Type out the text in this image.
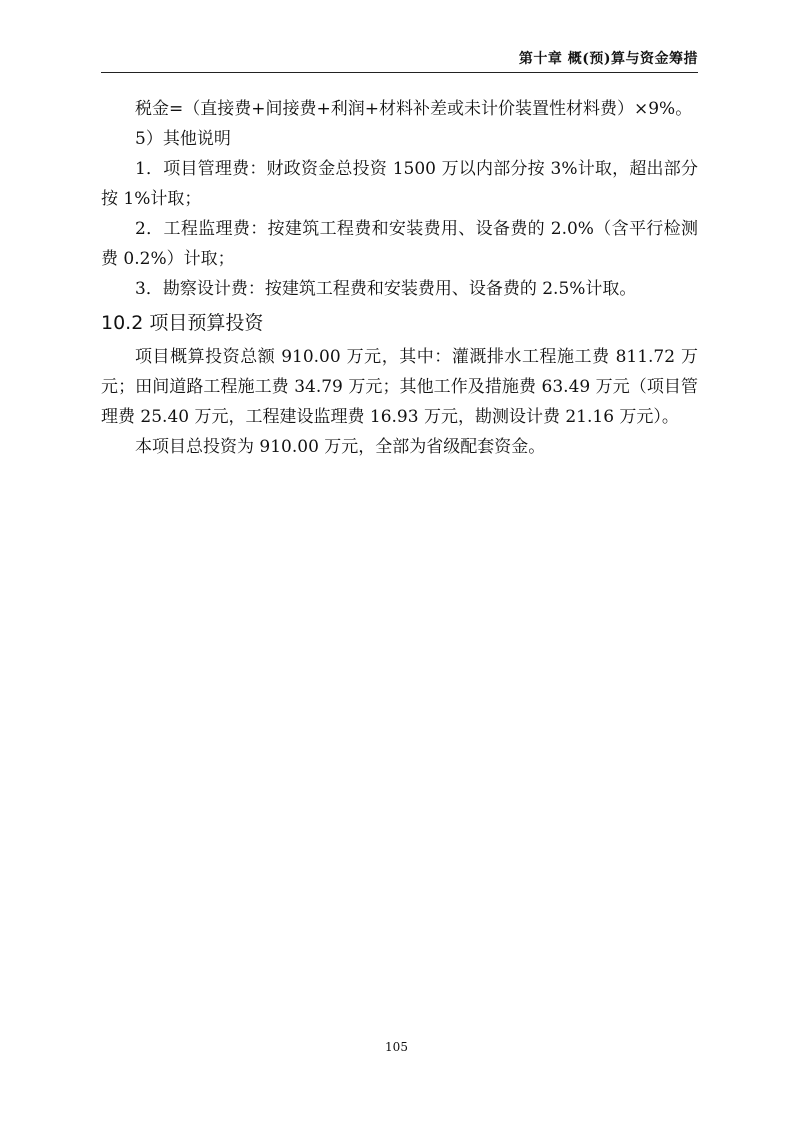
第十章 概(预)算与资金筹措

税金=（直接费+间接费+利润+材料补差或未计价装置性材料费）×9%。

5）其他说明

1．项目管理费：财政资金总投资 1500 万以内部分按 3%计取，超出部分按 1%计取；

2．工程监理费：按建筑工程费和安装费用、设备费的 2.0%（含平行检测费 0.2%）计取；

3．勘察设计费：按建筑工程费和安装费用、设备费的 2.5%计取。

10.2 项目预算投资

项目概算投资总额 910.00 万元，其中：灌溉排水工程施工费 811.72 万元；田间道路工程施工费 34.79 万元；其他工作及措施费 63.49 万元（项目管理费 25.40 万元，工程建设监理费 16.93 万元，勘测设计费 21.16 万元）。

本项目总投资为 910.00 万元，全部为省级配套资金。

105
